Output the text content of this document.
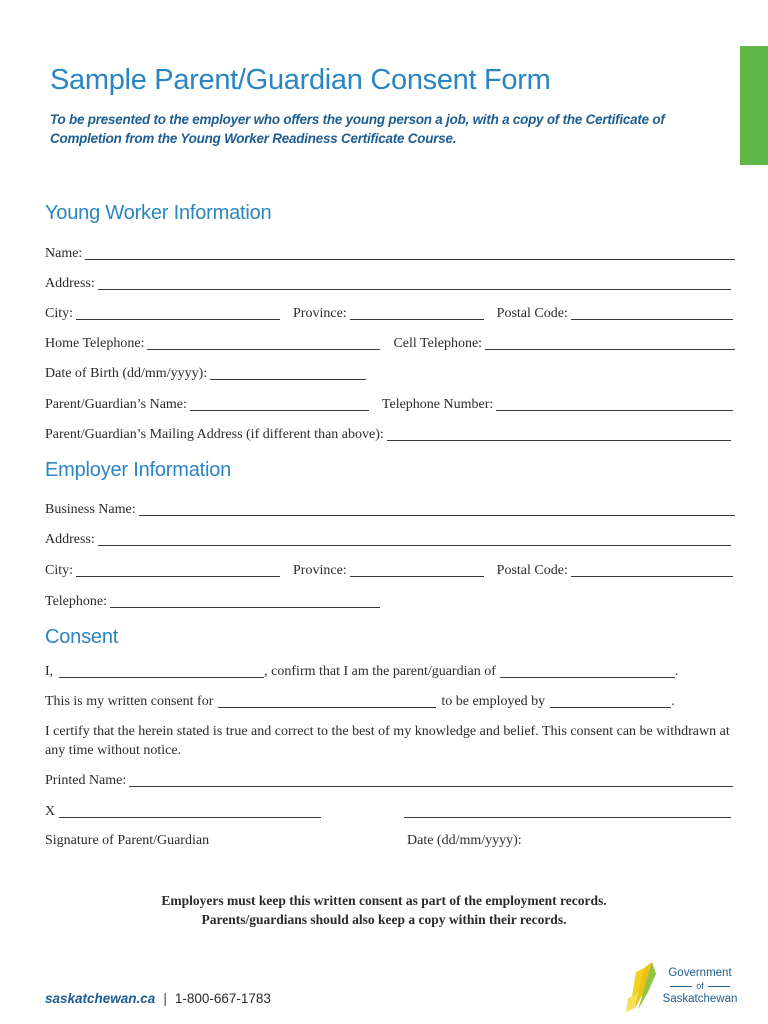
Sample Parent/Guardian Consent Form

To be presented to the employer who offers the young person a job, with a copy of the Certificate of Completion from the Young Worker Readiness Certificate Course.

Young Worker Information
Name:
Address:
City:	Province:	Postal Code:
Home Telephone:	Cell Telephone:
Date of Birth (dd/mm/yyyy):
Parent/Guardian’s Name:	Telephone Number:
Parent/Guardian’s Mailing Address (if different than above):
Employer Information
Business Name:
Address:
City:	Province:	Postal Code:
Telephone:
Consent
I,	, confirm that I am the parent/guardian of	.
This is my written consent for	to be employed by	.

I certify that the herein stated is true and correct to the best of my knowledge and belief. This consent can be withdrawn at any time without notice.

Printed Name:
X
Signature of Parent/Guardian	Date (dd/mm/yyyy):

Employers must keep this written consent as part of the employment records.

Parents/guardians should also keep a copy within their records.

saskatchewan.ca | 1-800-667-1783
Government
of
Saskatchewan
